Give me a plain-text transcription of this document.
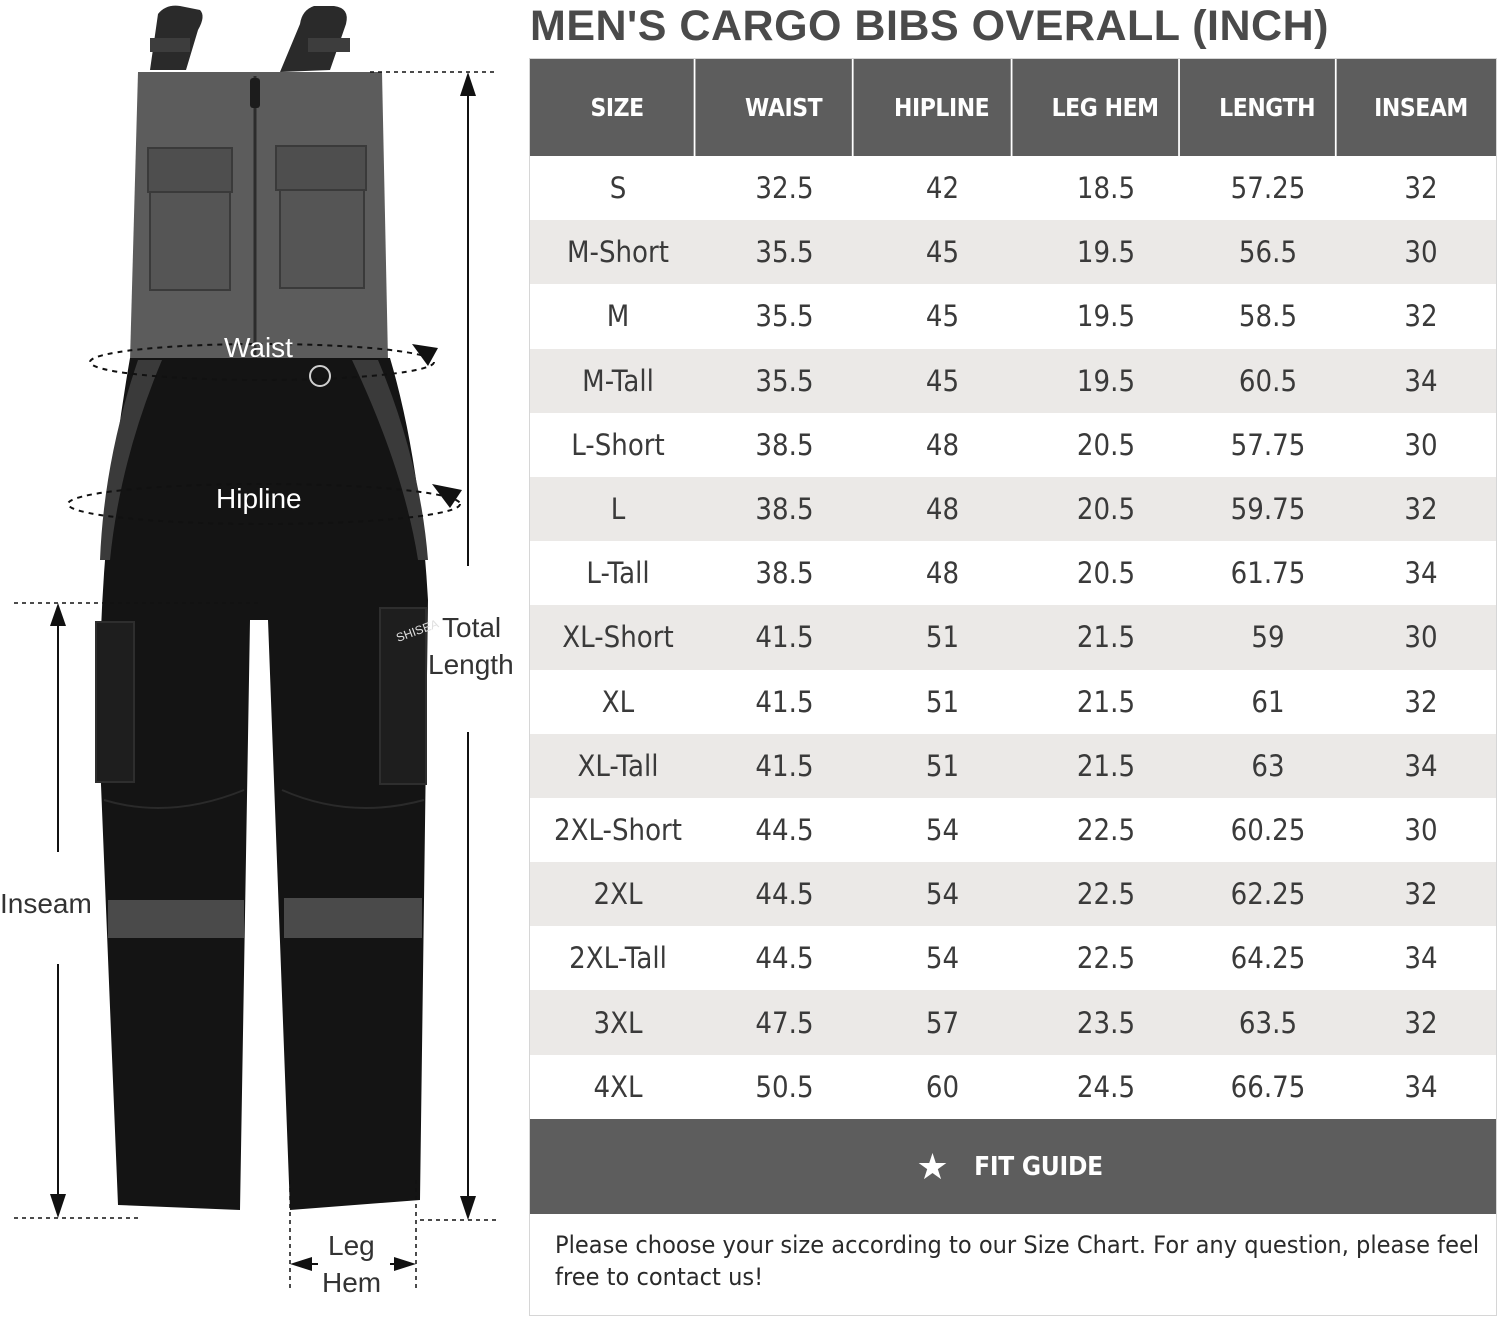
MEN'S CARGO BIBS OVERALL (INCH)
SIZE	WAIST	HIPLINE	LEG HEM	LENGTH	INSEAM
S	32.5	42	18.5	57.25	32
M-Short	35.5	45	19.5	56.5	30
M	35.5	45	19.5	58.5	32
M-Tall	35.5	45	19.5	60.5	34
L-Short	38.5	48	20.5	57.75	30
L	38.5	48	20.5	59.75	32
L-Tall	38.5	48	20.5	61.75	34
XL-Short	41.5	51	21.5	59	30
XL	41.5	51	21.5	61	32
XL-Tall	41.5	51	21.5	63	34
2XL-Short	44.5	54	22.5	60.25	30
2XL	44.5	54	22.5	62.25	32
2XL-Tall	44.5	54	22.5	64.25	34
3XL	47.5	57	23.5	63.5	32
4XL	50.5	60	24.5	66.75	34
★ FIT GUIDE
Please choose your size according to our Size Chart. For any question, please feel free to contact us!
SHISEA
Waist
Hipline
Total
Length
Inseam
Leg
Hem
